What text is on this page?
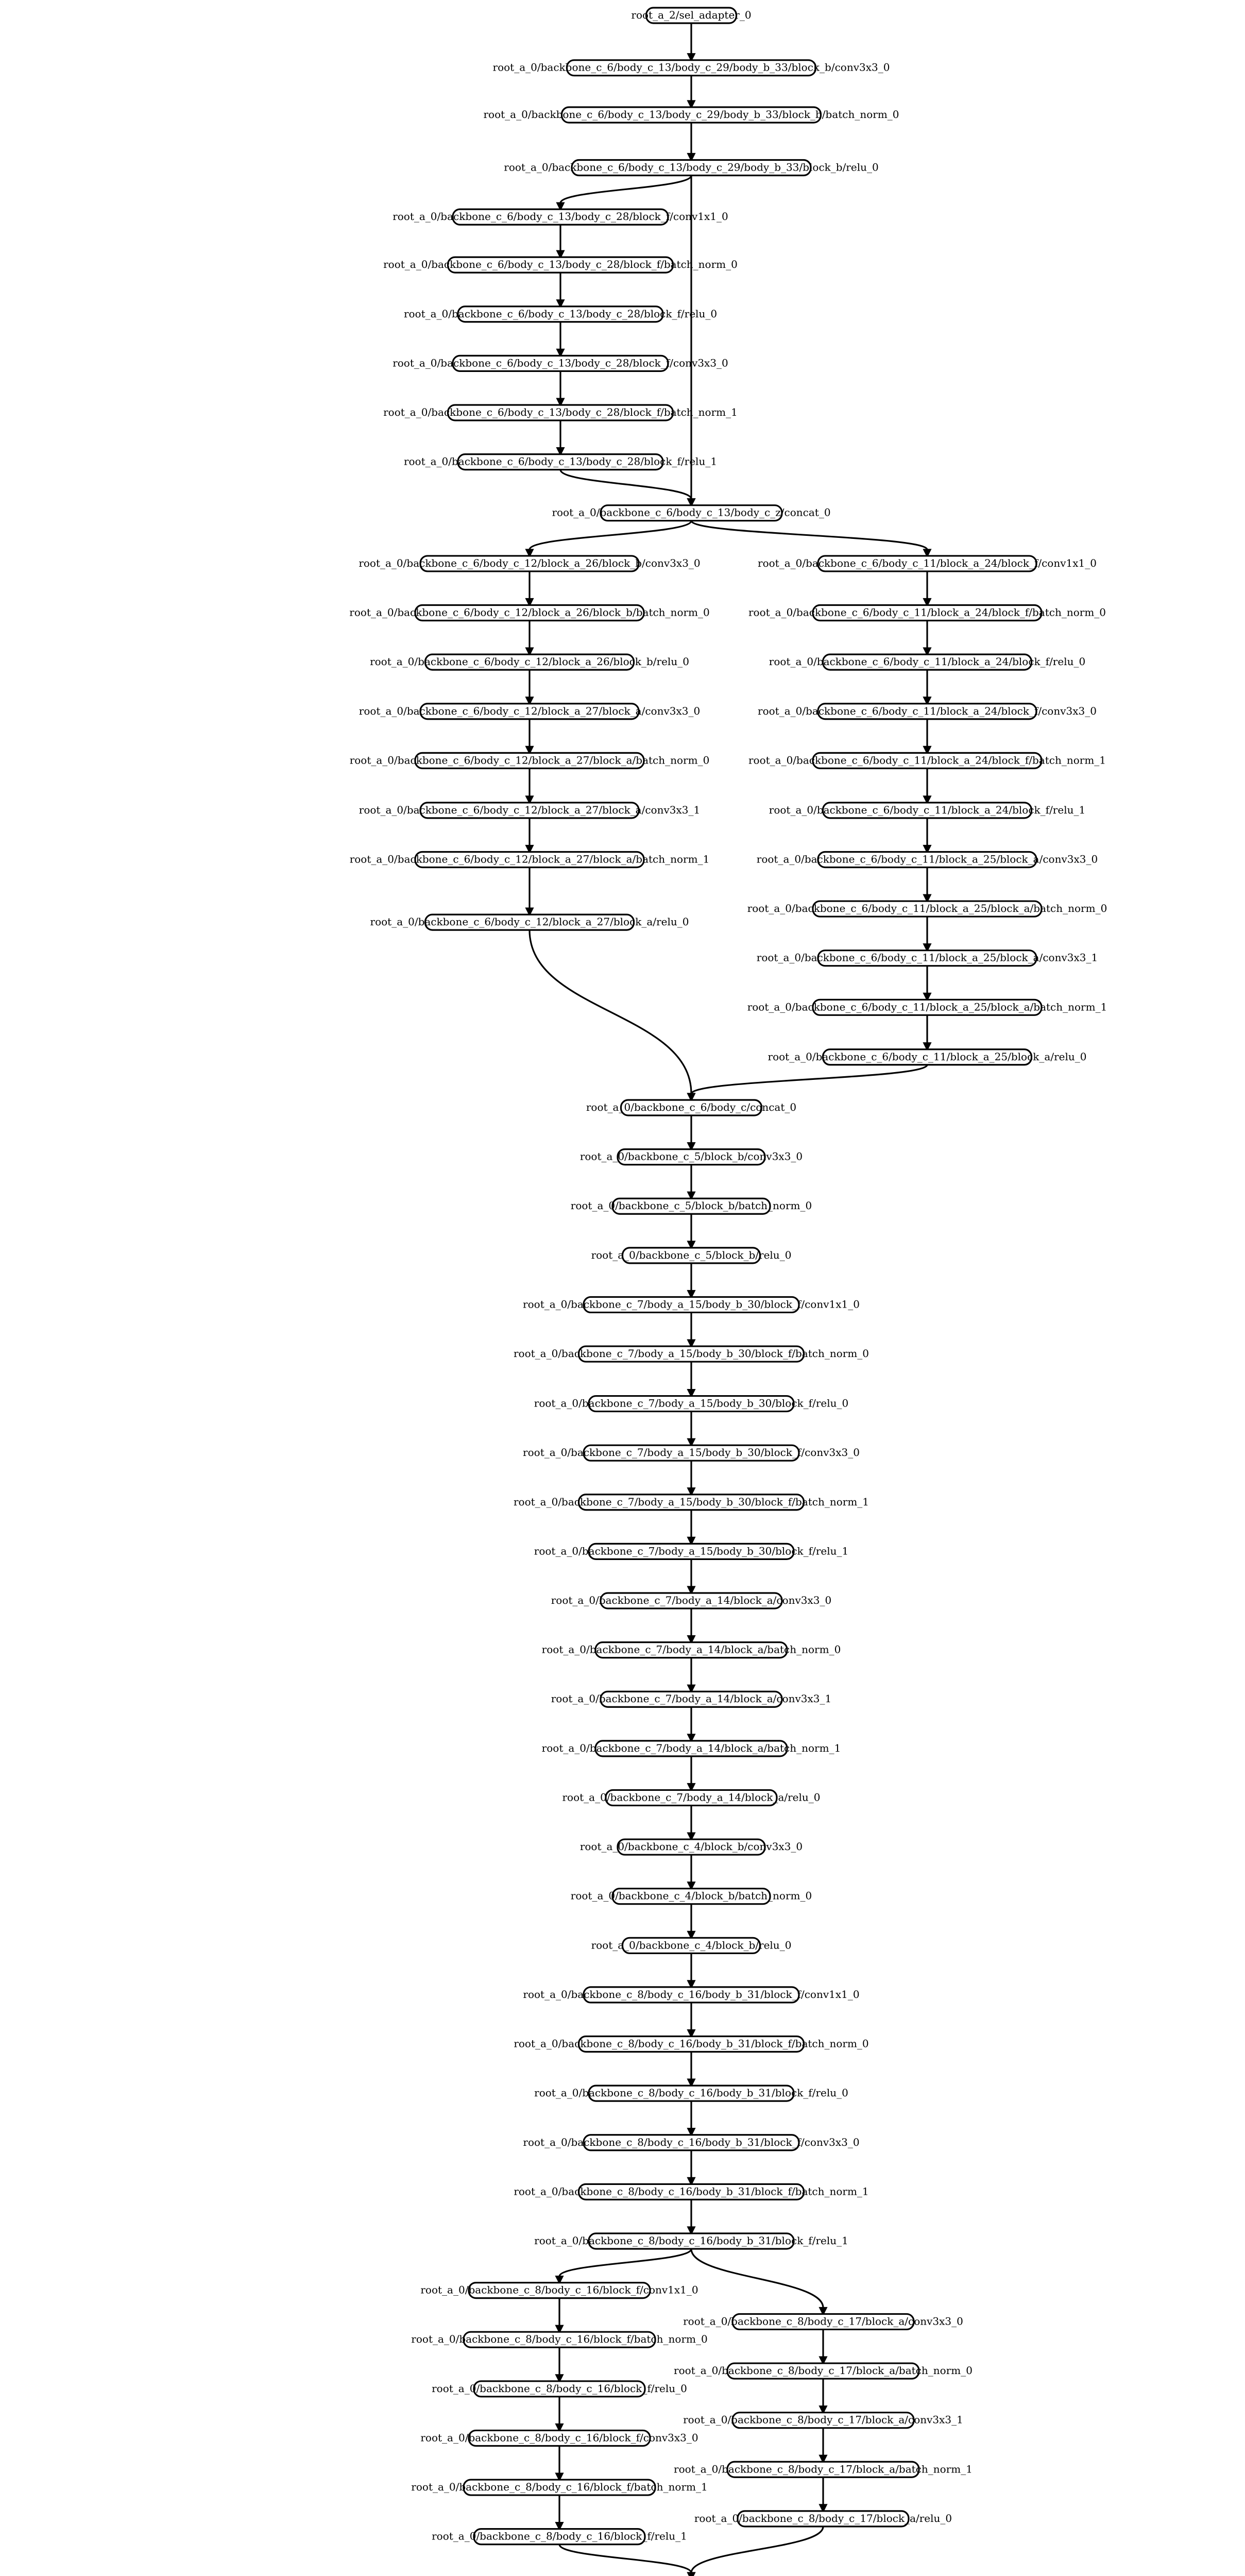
root_a_2/sel_adapter_0
root_a_0/backbone_c_6/body_c_13/body_c_29/body_b_33/block_b/conv3x3_0
root_a_0/backbone_c_6/body_c_13/body_c_29/body_b_33/block_b/batch_norm_0
root_a_0/backbone_c_6/body_c_13/body_c_29/body_b_33/block_b/relu_0
root_a_0/backbone_c_6/body_c_13/body_c_28/block_f/conv1x1_0
root_a_0/backbone_c_6/body_c_13/body_c_28/block_f/batch_norm_0
root_a_0/backbone_c_6/body_c_13/body_c_28/block_f/relu_0
root_a_0/backbone_c_6/body_c_13/body_c_28/block_f/conv3x3_0
root_a_0/backbone_c_6/body_c_13/body_c_28/block_f/batch_norm_1
root_a_0/backbone_c_6/body_c_13/body_c_28/block_f/relu_1
root_a_0/backbone_c_6/body_c_13/body_c_z/concat_0
root_a_0/backbone_c_6/body_c_12/block_a_26/block_b/conv3x3_0
root_a_0/backbone_c_6/body_c_12/block_a_26/block_b/batch_norm_0
root_a_0/backbone_c_6/body_c_12/block_a_26/block_b/relu_0
root_a_0/backbone_c_6/body_c_12/block_a_27/block_a/conv3x3_0
root_a_0/backbone_c_6/body_c_12/block_a_27/block_a/batch_norm_0
root_a_0/backbone_c_6/body_c_12/block_a_27/block_a/conv3x3_1
root_a_0/backbone_c_6/body_c_12/block_a_27/block_a/batch_norm_1
root_a_0/backbone_c_6/body_c_12/block_a_27/block_a/relu_0
root_a_0/backbone_c_6/body_c_11/block_a_24/block_f/conv1x1_0
root_a_0/backbone_c_6/body_c_11/block_a_24/block_f/batch_norm_0
root_a_0/backbone_c_6/body_c_11/block_a_24/block_f/relu_0
root_a_0/backbone_c_6/body_c_11/block_a_24/block_f/conv3x3_0
root_a_0/backbone_c_6/body_c_11/block_a_24/block_f/batch_norm_1
root_a_0/backbone_c_6/body_c_11/block_a_24/block_f/relu_1
root_a_0/backbone_c_6/body_c_11/block_a_25/block_a/conv3x3_0
root_a_0/backbone_c_6/body_c_11/block_a_25/block_a/batch_norm_0
root_a_0/backbone_c_6/body_c_11/block_a_25/block_a/conv3x3_1
root_a_0/backbone_c_6/body_c_11/block_a_25/block_a/batch_norm_1
root_a_0/backbone_c_6/body_c_11/block_a_25/block_a/relu_0
root_a_0/backbone_c_6/body_c/concat_0
root_a_0/backbone_c_5/block_b/conv3x3_0
root_a_0/backbone_c_5/block_b/batch_norm_0
root_a_0/backbone_c_5/block_b/relu_0
root_a_0/backbone_c_7/body_a_15/body_b_30/block_f/conv1x1_0
root_a_0/backbone_c_7/body_a_15/body_b_30/block_f/batch_norm_0
root_a_0/backbone_c_7/body_a_15/body_b_30/block_f/relu_0
root_a_0/backbone_c_7/body_a_15/body_b_30/block_f/conv3x3_0
root_a_0/backbone_c_7/body_a_15/body_b_30/block_f/batch_norm_1
root_a_0/backbone_c_7/body_a_15/body_b_30/block_f/relu_1
root_a_0/backbone_c_7/body_a_14/block_a/conv3x3_0
root_a_0/backbone_c_7/body_a_14/block_a/batch_norm_0
root_a_0/backbone_c_7/body_a_14/block_a/conv3x3_1
root_a_0/backbone_c_7/body_a_14/block_a/batch_norm_1
root_a_0/backbone_c_7/body_a_14/block_a/relu_0
root_a_0/backbone_c_4/block_b/conv3x3_0
root_a_0/backbone_c_4/block_b/batch_norm_0
root_a_0/backbone_c_4/block_b/relu_0
root_a_0/backbone_c_8/body_c_16/body_b_31/block_f/conv1x1_0
root_a_0/backbone_c_8/body_c_16/body_b_31/block_f/batch_norm_0
root_a_0/backbone_c_8/body_c_16/body_b_31/block_f/relu_0
root_a_0/backbone_c_8/body_c_16/body_b_31/block_f/conv3x3_0
root_a_0/backbone_c_8/body_c_16/body_b_31/block_f/batch_norm_1
root_a_0/backbone_c_8/body_c_16/body_b_31/block_f/relu_1
root_a_0/backbone_c_8/body_c_16/block_f/conv1x1_0
root_a_0/backbone_c_8/body_c_16/block_f/batch_norm_0
root_a_0/backbone_c_8/body_c_16/block_f/relu_0
root_a_0/backbone_c_8/body_c_16/block_f/conv3x3_0
root_a_0/backbone_c_8/body_c_16/block_f/batch_norm_1
root_a_0/backbone_c_8/body_c_16/block_f/relu_1
root_a_0/backbone_c_8/body_c_17/block_a/conv3x3_0
root_a_0/backbone_c_8/body_c_17/block_a/batch_norm_0
root_a_0/backbone_c_8/body_c_17/block_a/conv3x3_1
root_a_0/backbone_c_8/body_c_17/block_a/batch_norm_1
root_a_0/backbone_c_8/body_c_17/block_a/relu_0
